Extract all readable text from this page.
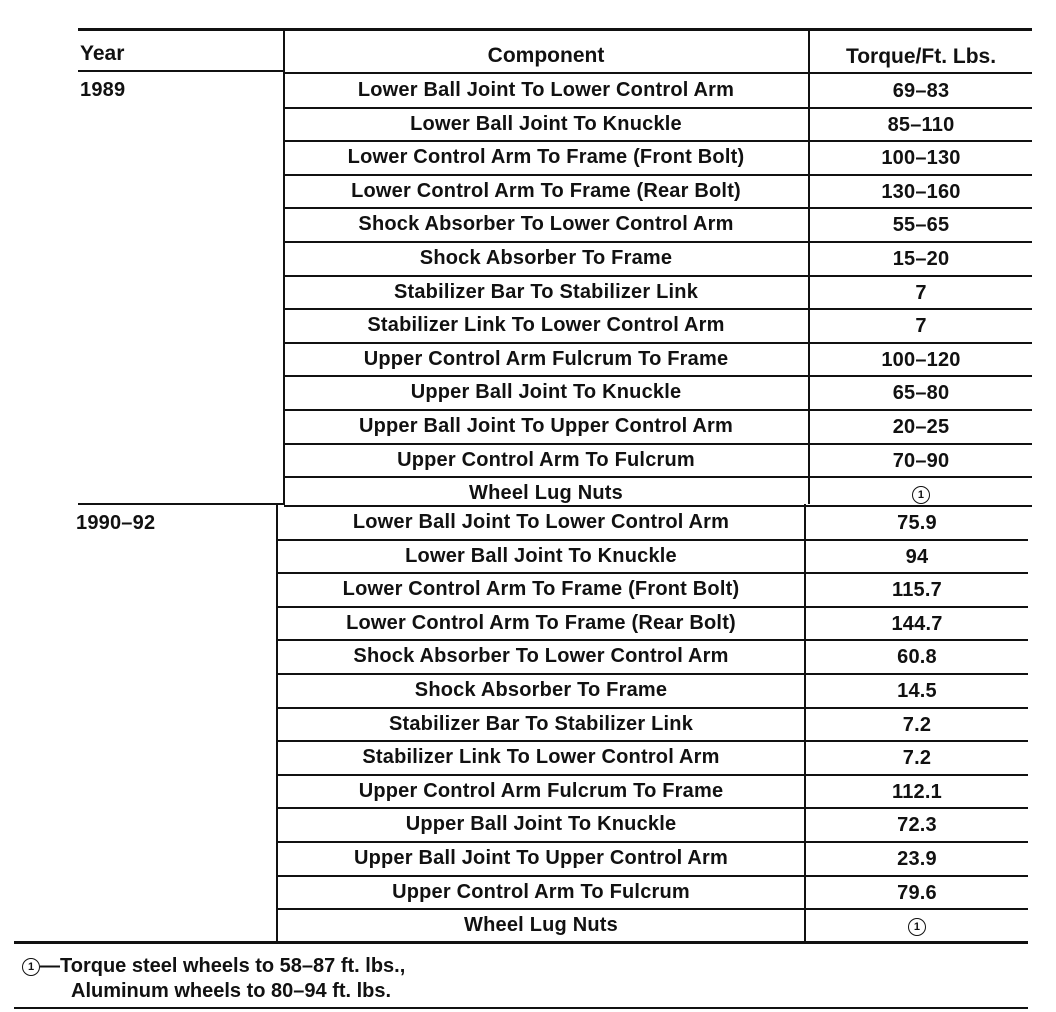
Year	Component	Torque/Ft. Lbs.
1989	Lower Ball Joint To Lower Control Arm	69–83
Lower Ball Joint To Knuckle	85–110
Lower Control Arm To Frame (Front Bolt)	100–130
Lower Control Arm To Frame (Rear Bolt)	130–160
Shock Absorber To Lower Control Arm	55–65
Shock Absorber To Frame	15–20
Stabilizer Bar To Stabilizer Link	7
Stabilizer Link To Lower Control Arm	7
Upper Control Arm Fulcrum To Frame	100–120
Upper Ball Joint To Knuckle	65–80
Upper Ball Joint To Upper Control Arm	20–25
Upper Control Arm To Fulcrum	70–90
Wheel Lug Nuts	1
1990–92	Lower Ball Joint To Lower Control Arm	75.9
Lower Ball Joint To Knuckle	94
Lower Control Arm To Frame (Front Bolt)	115.7
Lower Control Arm To Frame (Rear Bolt)	144.7
Shock Absorber To Lower Control Arm	60.8
Shock Absorber To Frame	14.5
Stabilizer Bar To Stabilizer Link	7.2
Stabilizer Link To Lower Control Arm	7.2
Upper Control Arm Fulcrum To Frame	112.1
Upper Ball Joint To Knuckle	72.3
Upper Ball Joint To Upper Control Arm	23.9
Upper Control Arm To Fulcrum	79.6
Wheel Lug Nuts	1
1 —Torque steel wheels to 58–87 ft. lbs.,
Aluminum wheels to 80–94 ft. lbs.
